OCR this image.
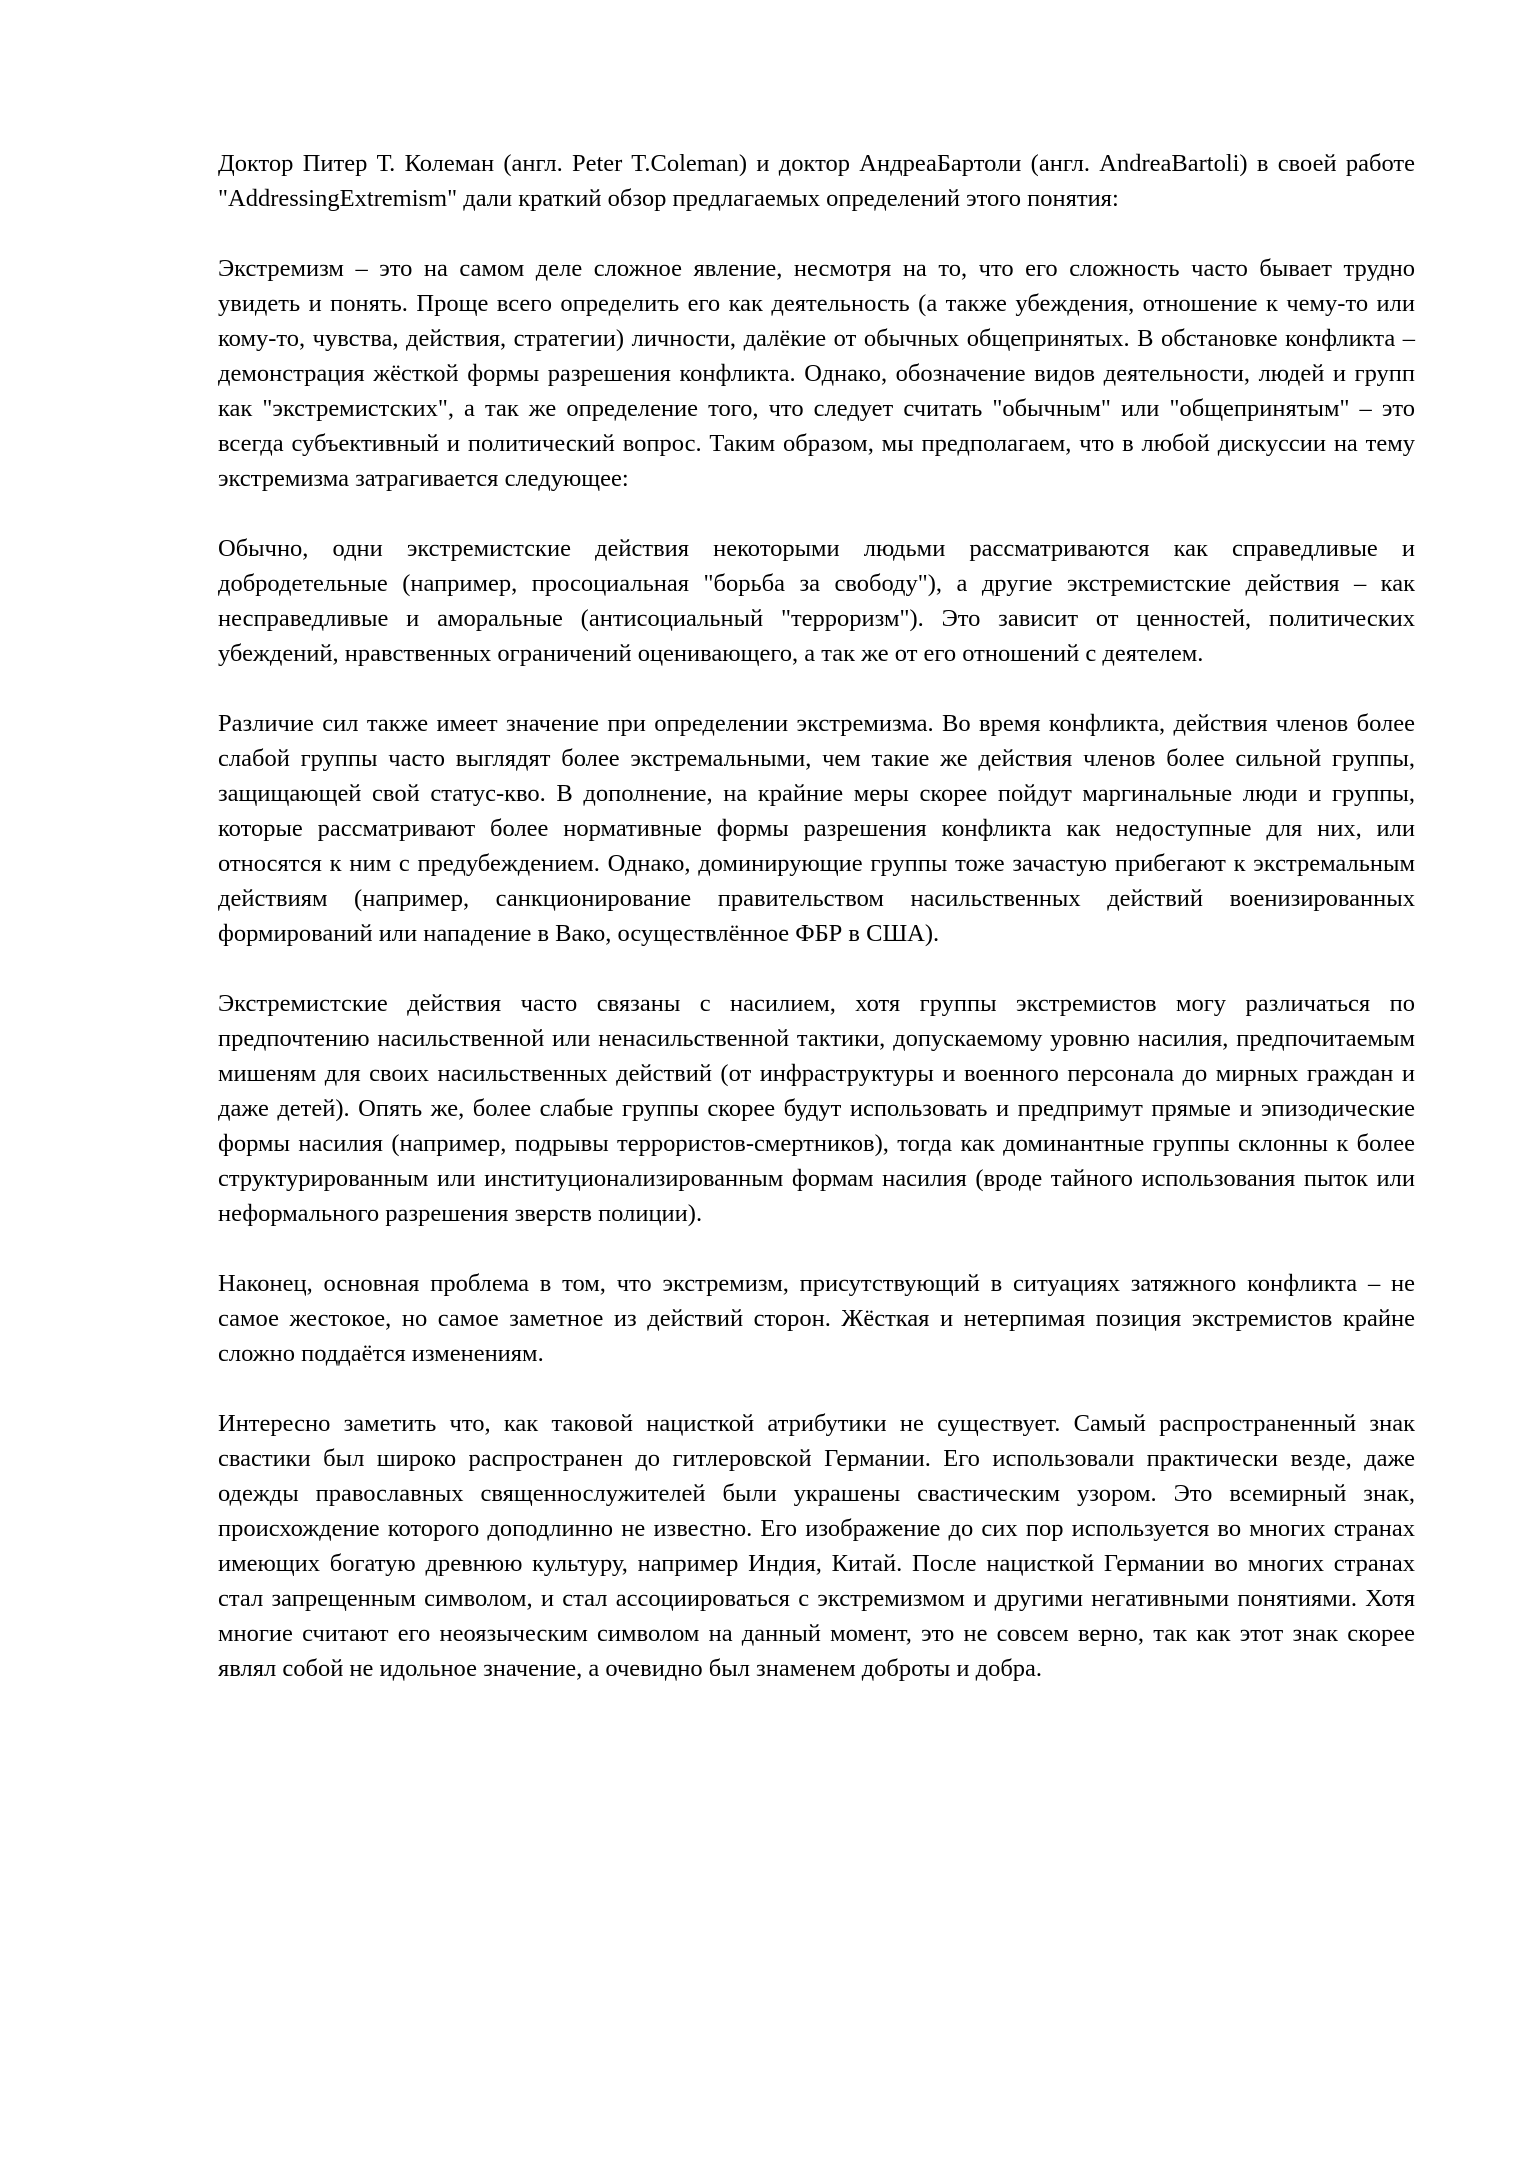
Доктор Питер Т. Колеман (англ. Peter T.Coleman) и доктор АндреаБартоли (англ. AndreaBartoli) в своей работе "AddressingExtremism" дали краткий обзор предлагаемых определений этого понятия:

Экстремизм – это на самом деле сложное явление, несмотря на то, что его сложность часто бывает трудно увидеть и понять. Проще всего определить его как деятельность (а также убеждения, отношение к чему-то или кому-то, чувства, действия, стратегии) личности, далёкие от обычных общепринятых. В обстановке конфликта – демонстрация жёсткой формы разрешения конфликта. Однако, обозначение видов деятельности, людей и групп как "экстремистских", а так же определение того, что следует считать "обычным" или "общепринятым" – это всегда субъективный и политический вопрос. Таким образом, мы предполагаем, что в любой дискуссии на тему экстремизма затрагивается следующее:

Обычно, одни экстремистские действия некоторыми людьми рассматриваются как справедливые и добродетельные (например, просоциальная "борьба за свободу"), а другие экстремистские действия – как несправедливые и аморальные (антисоциальный "терроризм"). Это зависит от ценностей, политических убеждений, нравственных ограничений оценивающего, а так же от его отношений с деятелем.

Различие сил также имеет значение при определении экстремизма. Во время конфликта, действия членов более слабой группы часто выглядят более экстремальными, чем такие же действия членов более сильной группы, защищающей свой статус-кво. В дополнение, на крайние меры скорее пойдут маргинальные люди и группы, которые рассматривают более нормативные формы разрешения конфликта как недоступные для них, или относятся к ним с предубеждением. Однако, доминирующие группы тоже зачастую прибегают к экстремальным действиям (например, санкционирование правительством насильственных действий военизированных формирований или нападение в Вако, осуществлённое ФБР в США).

Экстремистские действия часто связаны с насилием, хотя группы экстремистов могу различаться по предпочтению насильственной или ненасильственной тактики, допускаемому уровню насилия, предпочитаемым мишеням для своих насильственных действий (от инфраструктуры и военного персонала до мирных граждан и даже детей). Опять же, более слабые группы скорее будут использовать и предпримут прямые и эпизодические формы насилия (например, подрывы террористов-смертников), тогда как доминантные группы склонны к более структурированным или институционализированным формам насилия (вроде тайного использования пыток или неформального разрешения зверств полиции).

Наконец, основная проблема в том, что экстремизм, присутствующий в ситуациях затяжного конфликта – не самое жестокое, но самое заметное из действий сторон. Жёсткая и нетерпимая позиция экстремистов крайне сложно поддаётся изменениям.

Интересно заметить что, как таковой нацисткой атрибутики не существует. Самый распространенный знак свастики был широко распространен до гитлеровской Германии. Его использовали практически везде, даже одежды православных священнослужителей были украшены свастическим узором. Это всемирный знак, происхождение которого доподлинно не известно. Его изображение до сих пор используется во многих странах имеющих богатую древнюю культуру, например Индия, Китай. После нацисткой Германии во многих странах стал запрещенным символом, и стал ассоциироваться с экстремизмом и другими негативными понятиями. Хотя многие считают его неоязыческим символом на данный момент, это не совсем верно, так как этот знак скорее являл собой не идольное значение, а очевидно был знаменем доброты и добра.
